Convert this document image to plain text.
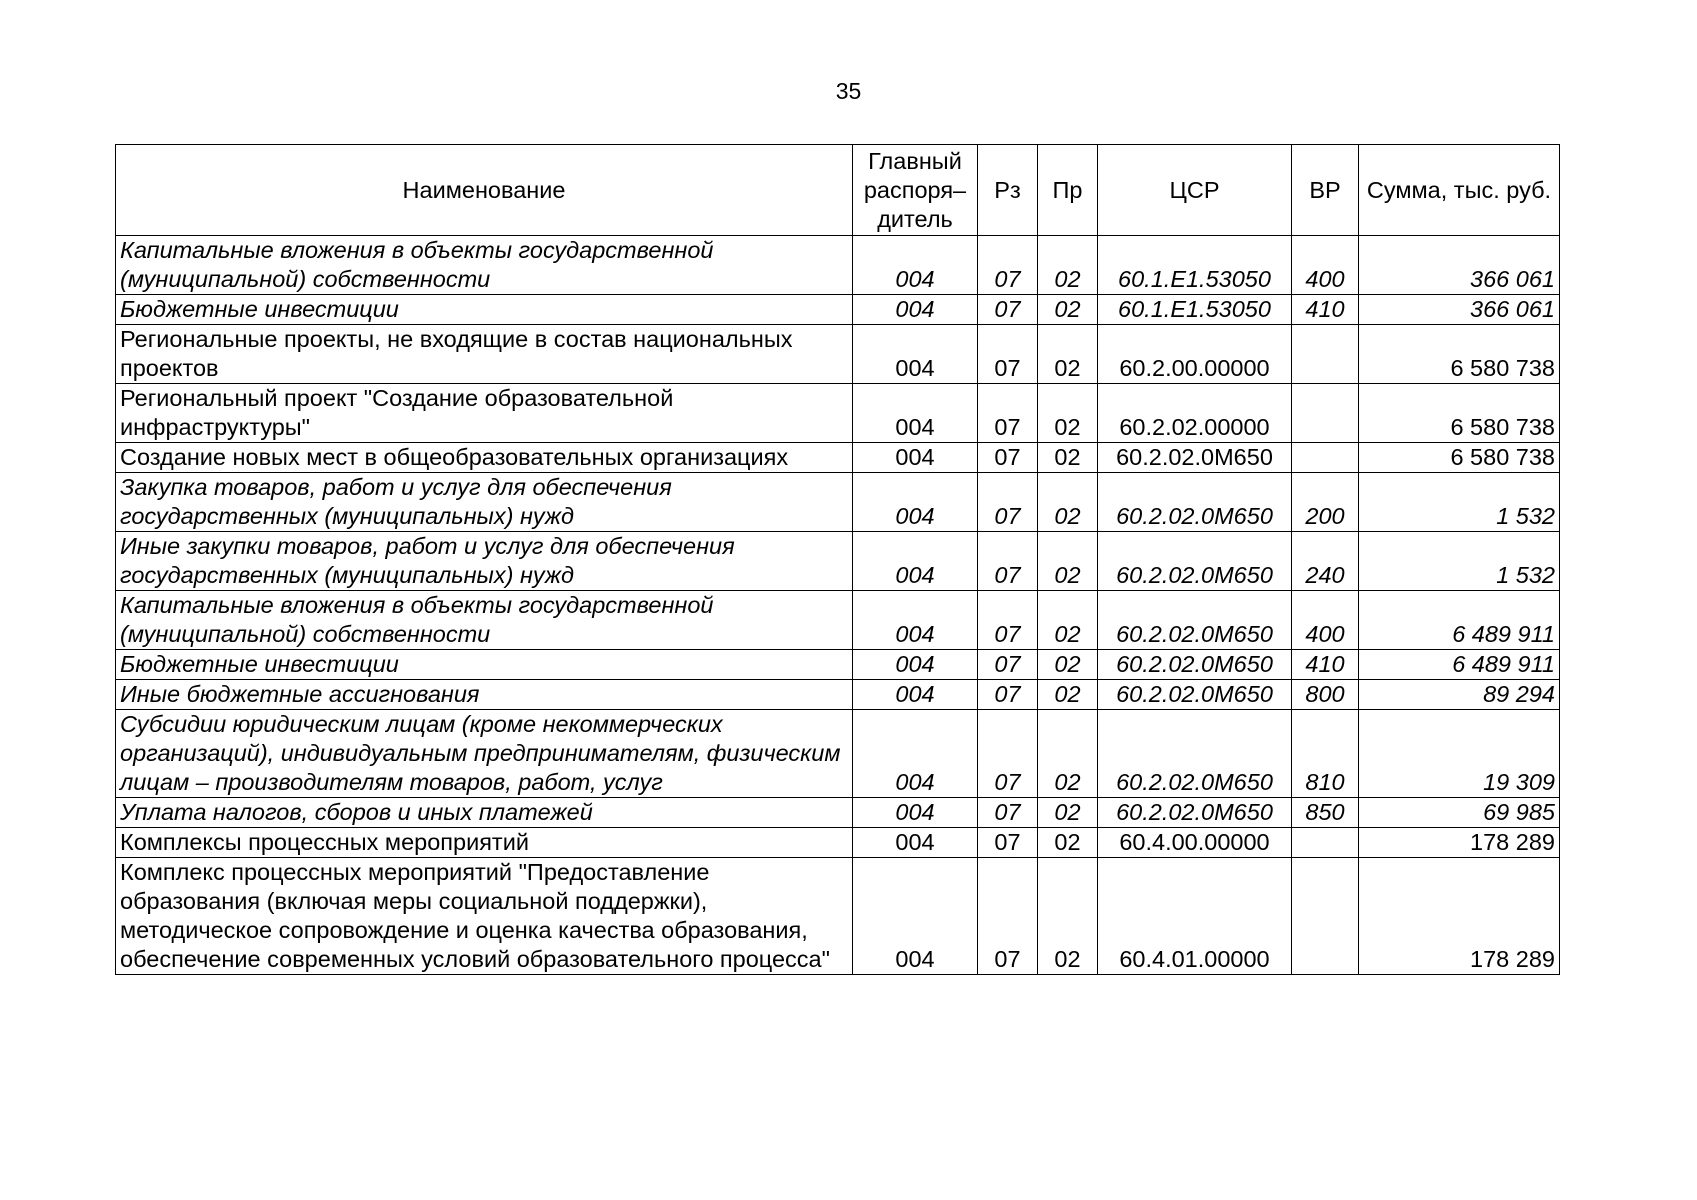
35
Наименование	Главный распоря– дитель	Рз	Пр	ЦСР	ВР	Сумма, тыс. руб.
Капитальные вложения в объекты государственной (муниципальной) собственности	004	07	02	60.1.Е1.53050	400	366 061
Бюджетные инвестиции	004	07	02	60.1.Е1.53050	410	366 061
Региональные проекты, не входящие в состав национальных проектов	004	07	02	60.2.00.00000		6 580 738
Региональный проект "Создание образовательной инфраструктуры"	004	07	02	60.2.02.00000		6 580 738
Создание новых мест в общеобразовательных организациях	004	07	02	60.2.02.0М650		6 580 738
Закупка товаров, работ и услуг для обеспечения государственных (муниципальных) нужд	004	07	02	60.2.02.0М650	200	1 532
Иные закупки товаров, работ и услуг для обеспечения государственных (муниципальных) нужд	004	07	02	60.2.02.0М650	240	1 532
Капитальные вложения в объекты государственной (муниципальной) собственности	004	07	02	60.2.02.0М650	400	6 489 911
Бюджетные инвестиции	004	07	02	60.2.02.0М650	410	6 489 911
Иные бюджетные ассигнования	004	07	02	60.2.02.0М650	800	89 294
Субсидии юридическим лицам (кроме некоммерческих организаций), индивидуальным предпринимателям, физическим лицам – производителям товаров, работ, услуг	004	07	02	60.2.02.0М650	810	19 309
Уплата налогов, сборов и иных платежей	004	07	02	60.2.02.0М650	850	69 985
Комплексы процессных мероприятий	004	07	02	60.4.00.00000		178 289
Комплекс процессных мероприятий "Предоставление образования (включая меры социальной поддержки), методическое сопровождение и оценка качества образования, обеспечение современных условий образовательного процесса"	004	07	02	60.4.01.00000		178 289
